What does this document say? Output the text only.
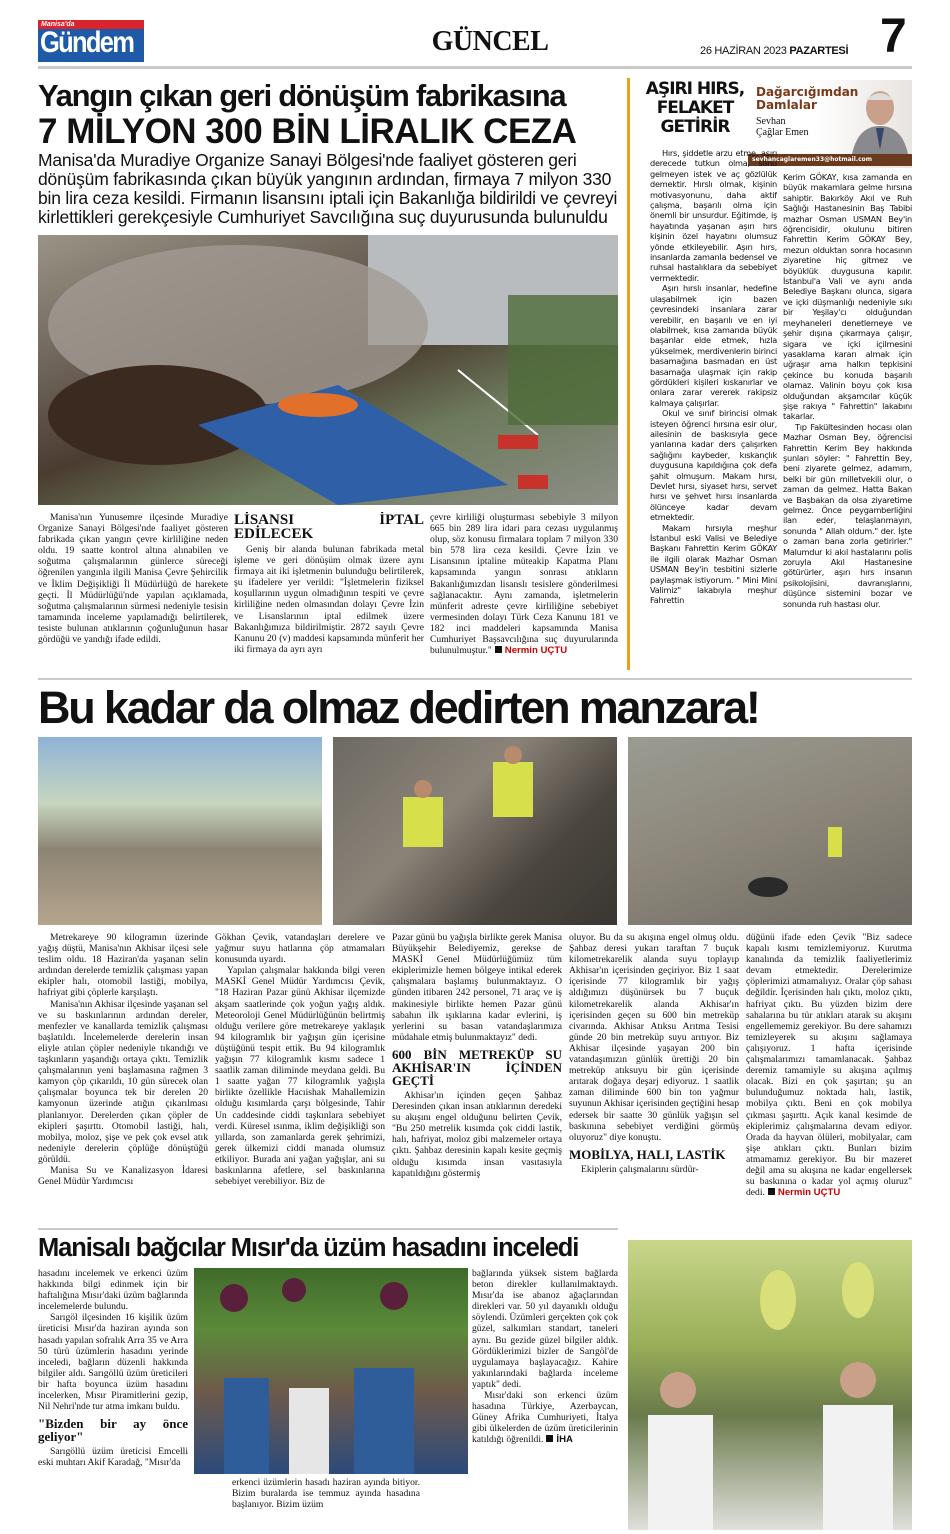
Manisa'da
Gündem	GÜNCEL	26 HAZİRAN 2023 PAZARTESİ 7
Yangın çıkan geri dönüşüm fabrikasına
7 MİLYON 300 BİN LİRALIK CEZA
Manisa'da Muradiye Organize Sanayi Bölgesi'nde faaliyet gösteren geri dönüşüm fabrikasında çıkan büyük yangının ardından, firmaya 7 milyon 330 bin lira ceza kesildi. Firmanın lisansını iptali için Bakanlığa bildirildi ve çevreyi kirlettikleri gerekçesiyle Cumhuriyet Savcılığına suç duyurusunda bulunuldu

Manisa'nın Yunusemre ilçesinde Muradiye Organize Sanayi Bölgesi'nde faaliyet gösteren fabrikada çıkan yangın çevre kirliliğine neden oldu. 19 saatte kontrol altına alınabilen ve soğutma çalışmalarının günlerce süreceği öğrenilen yangınla ilgili Manisa Çevre Şehircilik ve İklim Değişikliği İl Müdürlüğü de harekete geçti. İl Müdürlüğü'nde yapılan açıklamada, soğutma çalışmalarının sürmesi nedeniyle tesisin tamamında inceleme yapılamadığı belirtilerek, tesiste bulunan atıklarının çoğunluğunun hasar gördüğü ve yandığı ifade edildi.

LİSANSI İPTAL EDİLECEK

Geniş bir alanda bulunan fabrikada metal işleme ve geri dönüşüm olmak üzere aynı firmaya ait iki işletmenin bulunduğu belirtilerek, şu ifadelere yer verildi: "İşletmelerin fiziksel koşullarının uygun olmadığının tespiti ve çevre kirliliğine neden olmasından dolayı Çevre İzin ve Lisanslarının iptal edilmek üzere Bakanlığımıza bildirilmiştir. 2872 sayılı Çevre Kanunu 20 (v) maddesi kapsamında münferit her iki firmaya da ayrı ayrı

çevre kirliliği oluşturması sebebiyle 3 milyon 665 bin 289 lira idari para cezası uygulanmış olup, söz konusu firmalara toplam 7 milyon 330 bin 578 lira ceza kesildi. Çevre İzin ve Lisansının iptaline müteakip Kapatma Planı kapsamında yangın sonrası atıkların Bakanlığımızdan lisanslı tesislere gönderilmesi sağlanacaktır. Aynı zamanda, işletmelerin münferit adreste çevre kirliliğine sebebiyet vermesinden dolayı Türk Ceza Kanunu 181 ve 182 inci maddeleri kapsamında Manisa Cumhuriyet Başsavcılığına suç duyurularında bulunulmuştur." Nermin UÇTU
AŞIRI HIRS, FELAKET GETİRİR
Dağarcığımdan Damlalar
Sevhan
Çağlar Emen
sevhancaglaremen33@hotmail.com

Hırs, şiddetle arzu etme, aşırı derecede tutkun olma, sonu gelmeyen istek ve aç gözlülük demektir. Hırslı olmak, kişinin motivasyonunu, daha aktif çalışma, başarılı olma için önemli bir unsurdur. Eğitimde, iş hayatında yaşanan aşırı hırs kişinin özel hayatını olumsuz yönde etkileyebilir. Aşırı hırs, insanlarda zamanla bedensel ve ruhsal hastalıklara da sebebiyet vermektedir.

Aşırı hırslı insanlar, hedefine ulaşabilmek için bazen çevresindeki insanlara zarar verebilir, en başarılı ve en iyi olabilmek, kısa zamanda büyük başarılar elde etmek, hızla yükselmek, merdivenlerin birinci basamağına basmadan en üst basamağa ulaşmak için rakip gördükleri kişileri kıskanırlar ve onlara zarar vererek rakipsiz kalmaya çalışırlar.

Okul ve sınıf birincisi olmak isteyen öğrenci hırsına esir olur, ailesinin de baskısıyla gece yarılarına kadar ders çalışırken sağlığını kaybeder, kıskançlık duygusuna kapıldığına çok defa şahit olmuşum. Makam hırsı, Devlet hırsı, siyaset hırsı, servet hırsı ve şehvet hırsı insanlarda ölünceye kadar devam etmektedir.

Makam hırsıyla meşhur İstanbul eski Valisi ve Belediye Başkanı Fahrettin Kerim GÖKAY ile ilgili olarak Mazhar Osman USMAN Bey'in tesbitini sizlerle paylaşmak istiyorum. " Mini Mini Valimiz" lakabıyla meşhur Fahrettin

Kerim GÖKAY, kısa zamanda en büyük makamlara gelme hırsına sahiptir. Bakırköy Akıl ve Ruh Sağlığı Hastanesinin Baş Tabibi mazhar Osman USMAN Bey'in öğrencisidir, okulunu bitiren Fahrettin Kerim GÖKAY Bey, mezun olduktan sonra hocasının ziyaretine hiç gitmez ve böyüklük duygusuna kapılır. İstanbul'a Vali ve aynı anda Belediye Başkanı olunca, sigara ve içki düşmanlığı nedeniyle sıkı bir Yeşilay'cı olduğundan meyhaneleri denetlemeye ve şehir dışına çıkarmaya çalışır, sigara ve içki içilmesini yasaklama kararı almak için uğraşır ama halkın tepkisini çekince bu konuda başarılı olamaz. Valinin boyu çok kısa olduğundan akşamcılar küçük şişe rakıya " Fahrettin" lakabını takarlar.

Tıp Fakültesinden hocası olan Mazhar Osman Bey, öğrencisi Fahrettin Kerim Bey hakkında şunları söyler: " Fahrettin Bey, beni ziyarete gelmez, adamım, belki bir gün milletvekili olur, o zaman da gelmez. Hatta Bakan ve Başbakan da olsa ziyaretime gelmez. Önce peygamberliğini ilan eder, telaşlanmayın, sonunda " Allah oldum." der. İşte o zaman bana zorla getirirler." Malumdur ki akıl hastalarını polis zoruyla Akıl Hastanesine götürürler, aşırı hırs insanın psikolojisini, davranışlarını, düşünce sistemini bozar ve sonunda ruh hastası olur.

Bu kadar da olmaz dedirten manzara!

Metrekareye 90 kilogramın üzerinde yağış düştü, Manisa'nın Akhisar ilçesi sele teslim oldu. 18 Haziran'da yaşanan selin ardından derelerde temizlik çalışması yapan ekipler halı, otomobil lastiği, mobilya, hafriyat gibi çöplerle karşılaştı.

Manisa'nın Akhisar ilçesinde yaşanan sel ve su baskınlarının ardından dereler, menfezler ve kanallarda temizlik çalışması başlatıldı. İncelemelerde derelerin insan eliyle atılan çöpler nedeniyle tıkandığı ve taşkınların yaşandığı ortaya çıktı. Temizlik çalışmalarının yeni başlamasına rağmen 3 kamyon çöp çıkarıldı, 10 gün sürecek olan çalışmalar boyunca tek bir derelen 20 kamyonun üzerinde atığın çıkarılması planlanıyor. Derelerden çıkan çöpler de ekipleri şaşırttı. Otomobil lastiği, halı, mobilya, moloz, şişe ve pek çok evsel atık nedeniyle derelerin çöplüğe dönüştüğü görüldü.

Manisa Su ve Kanalizasyon İdaresi Genel Müdür Yardımcısı

Gökhan Çevik, vatandaşları derelere ve yağmur suyu hatlarına çöp atmamaları konusunda uyardı.

Yapılan çalışmalar hakkında bilgi veren MASKİ Genel Müdür Yardımcısı Çevik, "18 Haziran Pazar günü Akhisar ilçemizde akşam saatlerinde çok yoğun yağış aldık. Meteoroloji Genel Müdürlüğünün belirtmiş olduğu verilere göre metrekareye yaklaşık 94 kilogramlık bir yağışın gün içerisine düştüğünü tespit ettik. Bu 94 kilogramlık yağışın 77 kilogramlık kısmı sadece 1 saatlik zaman diliminde meydana geldi. Bu 1 saatte yağan 77 kilogramlık yağışla birlikte özellikle Hacıishak Mahallemizin olduğu kısımlarda çarşı bölgesinde, Tahir Un caddesinde ciddi taşkınlara sebebiyet verdi. Küresel ısınma, iklim değişikliği son yıllarda, son zamanlarda gerek şehrimizi, gerek ülkemizi ciddi manada olumsuz etkiliyor. Burada ani yağan yağışlar, ani su baskınlarına afetlere, sel baskınlarına sebebiyet verebiliyor. Biz de

Pazar günü bu yağışla birlikte gerek Manisa Büyükşehir Belediyemiz, gerekse de MASKİ Genel Müdürlüğümüz tüm ekiplerimizle hemen bölgeye intikal ederek çalışmalara başlamış bulunmaktayız. O günden itibaren 242 personel, 71 araç ve iş makinesiyle birlikte hemen Pazar günü sabahın ilk ışıklarına kadar evlerini, iş yerlerini su basan vatandaşlarımıza müdahale etmiş bulunmaktayız" dedi.

600 BİN METREKÜP SU AKHİSAR'IN İÇİNDEN GEÇTİ

Akhisar'ın içinden geçen Şahbaz Deresinden çıkan insan atıklarının deredeki su akışını engel olduğunu belirten Çevik, "Bu 250 metrelik kısımda çok ciddi lastik, halı, hafriyat, moloz gibi malzemeler ortaya çıktı. Şahbaz deresinin kapalı kesite geçmiş olduğu kısımda insan vasıtasıyla kapatıldığını göstermiş

oluyor. Bu da su akışına engel olmuş oldu. Şahbaz deresi yukarı taraftan 7 buçuk kilometrekarelik alanda suyu toplayıp Akhisar'ın içerisinden geçiriyor. Biz 1 saat içerisinde 77 kilogramlık bir yağış aldığımızı düşünürsek bu 7 buçuk kilometrekarelik alanda Akhisar'ın içerisinden geçen su 600 bin metreküp civarında. Akhisar Atıksu Arıtma Tesisi günde 20 bin metreküp suyu arıtıyor. Biz Akhisar ilçesinde yaşayan 200 bin vatandaşımızın günlük ürettiği 20 bin metreküp atıksuyu bir gün içerisinde arıtarak doğaya deşarj ediyoruz. 1 saatlik zaman diliminde 600 bin ton yağmur suyunun Akhisar içerisinden geçtiğini hesap edersek bir saatte 30 günlük yağışın sel baskınına sebebiyet verdiğini görmüş oluyoruz" diye konuştu.

MOBİLYA, HALI, LASTİK

Ekiplerin çalışmalarını sürdür-

düğünü ifade eden Çevik "Biz sadece kapalı kısmı temizlemiyoruz. Kurutma kanalında da temizlik faaliyetlerimiz devam etmektedir. Derelerimize çöplerimizi atmamalıyız. Oralar çöp sahası değildir. İçerisinden halı çıktı, moloz çıktı, hafriyat çıktı. Bu yüzden bizim dere sahalarına bu tür atıkları atarak su akışını engellememiz gerekiyor. Bu dere sahamızı temizleyerek su akışını sağlamaya çalışıyoruz. 1 hafta içerisinde çalışmalarımızı tamamlanacak. Şahbaz deremiz tamamiyle su akışına açılmış olacak. Bizi en çok şaşırtan; şu an bulunduğumuz noktada halı, lastik, mobilya çıktı. Beni en çok mobilya çıkması şaşırttı. Açık kanal kesimde de ekiplerimiz çalışmalarına devam ediyor. Orada da hayvan ölüleri, mobilyalar, cam şişe atıkları çıktı. Bunları bizim atmamamız gerekiyor. Bu bir mazeret değil ama su akışına ne kadar engellersek su baskınına o kadar yol açmış oluruz" dedi. Nermin UÇTU
Manisalı bağcılar Mısır'da üzüm hasadını inceledi

hasadını incelemek ve erkenci üzüm hakkında bilgi edinmek için bir haftalığına Mısır'daki üzüm bağlarında incelemelerde bulundu.

Sarıgöl ilçesinden 16 kişilik üzüm üreticisi Mısır'da haziran ayında son hasadı yapılan sofralık Arra 35 ve Arra 50 türü üzümlerin hasadını yerinde inceledi, bağların düzenli hakkında bilgiler aldı. Sarıgöllü üzüm üreticileri bir hafta boyunca üzüm hasadını incelerken, Mısır Piramitlerini gezip, Nil Nehri'nde tur atma imkanı buldu.

"Bizden bir ay önce geliyor"

Sarıgöllü üzüm üreticisi Emcelli eski muhtarı Akif Karadağ, "Mısır'da

erkenci üzümlerin hasadı haziran ayında bitiyor. Bizim buralarda ise temmuz ayında hasadına başlanıyor. Bizim üzüm

bağlarında yüksek sistem bağlarda beton direkler kullanılmaktaydı. Mısır'da ise abanoz ağaçlarından direkleri var. 50 yıl dayanıklı olduğu söylendi. Üzümleri gerçekten çok çok güzel, salkımları standart, taneleri aynı. Bu gezide güzel bilgiler aldık. Gördüklerimizi bizler de Sarıgöl'de uygulamaya başlayacağız. Kahire yakınlarındaki bağlarda inceleme yaptık" dedi.

Mısır'daki son erkenci üzüm hasadına Türkiye, Azerbaycan, Güney Afrika Cumhuriyeti, İtalya gibi ülkelerden de üzüm üreticilerinin katıldığı öğrenildi. İHA
